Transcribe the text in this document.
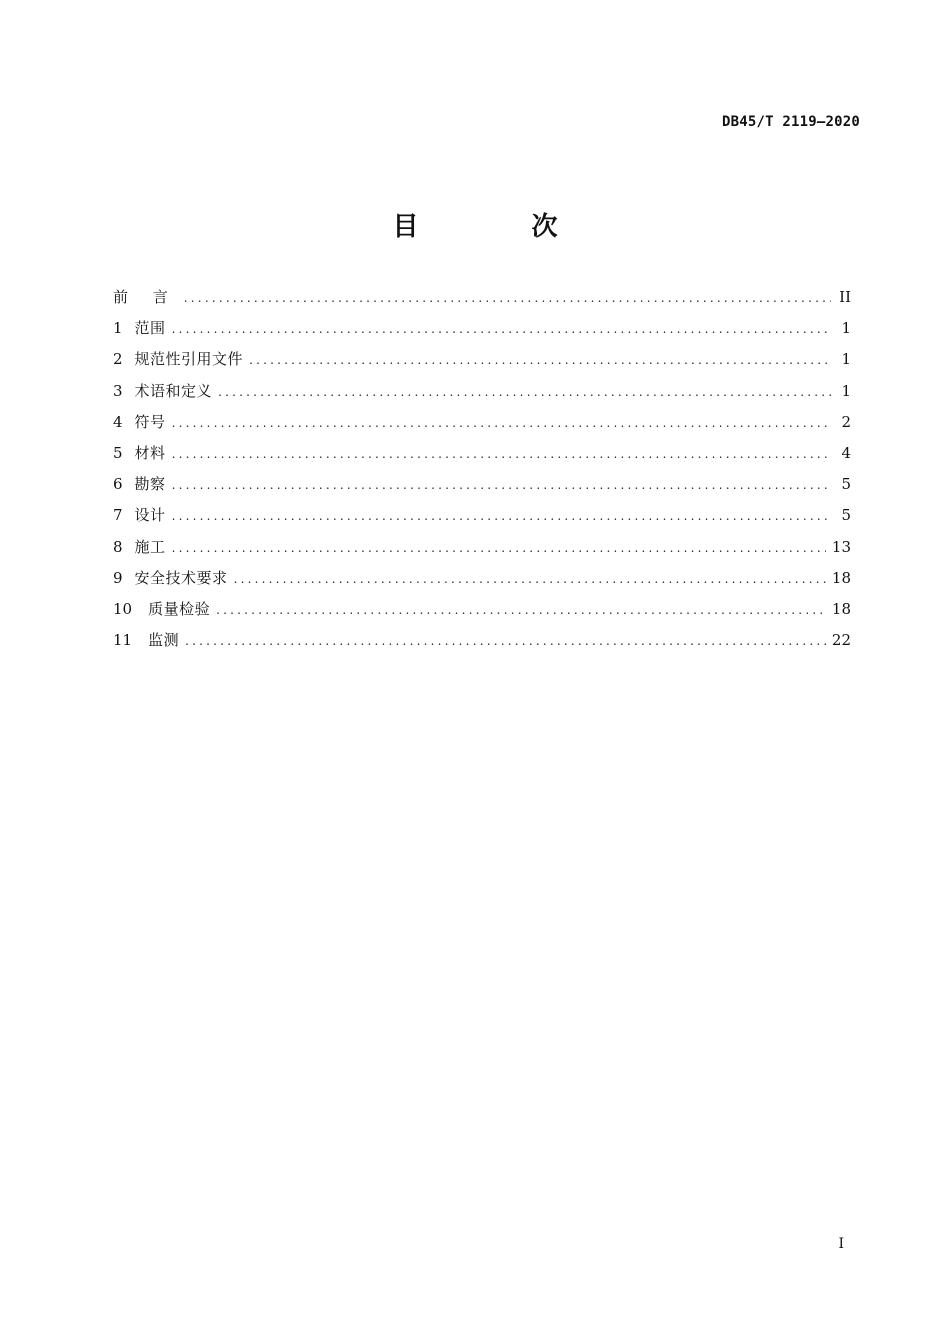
DB45/T 2119—2020
目 次
前 言 .....	II
1 范围 .....	1
2 规范性引用文件 .....	1
3 术语和定义 .....	1
4 符号 .....	2
5 材料 .....	4
6 勘察 .....	5
7 设计 .....	5
8 施工 .....	13
9 安全技术要求 .....	18
10 质量检验 .....	18
11 监测 .....	22
I
